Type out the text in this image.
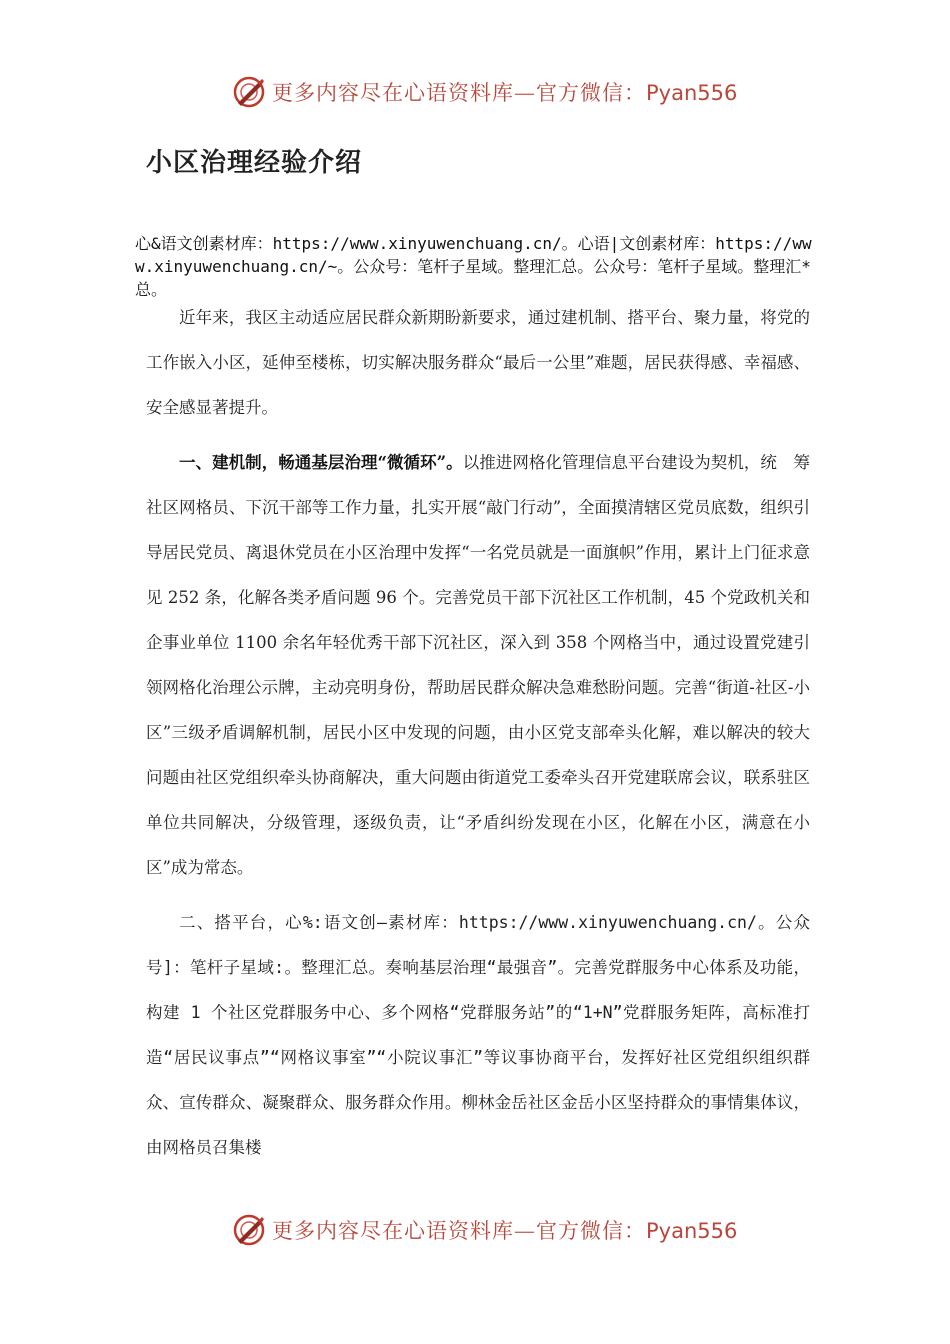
更多内容尽在心语资料库—官方微信：Pyan556
小区治理经验介绍
心&语文创素材库：https://www.xinyuwenchuang.cn/。心语|文创素材库：https://www.xinyuwenchuang.cn/~。公众号：笔杆子星域。整理汇总。公众号：笔杆子星域。整理汇*总。
近年来，我区主动适应居民群众新期盼新要求，通过建机制、搭平台、聚力量，将党的工作嵌入小区，延伸至楼栋，切实解决服务群众“最后一公里”难题，居民获得感、幸福感、安全感显著提升。
一、建机制，畅通基层治理“微循环”。以推进网格化管理信息平台建设为契机，统　筹社区网格员、下沉干部等工作力量，扎实开展“敲门行动”，全面摸清辖区党员底数，组织引导居民党员、离退休党员在小区治理中发挥“一名党员就是一面旗帜”作用，累计上门征求意见 252 条，化解各类矛盾问题 96 个。完善党员干部下沉社区工作机制，45 个党政机关和企事业单位 1100 余名年轻优秀干部下沉社区，深入到 358 个网格当中，通过设置党建引领网格化治理公示牌，主动亮明身份，帮助居民群众解决急难愁盼问题。完善“街道-社区-小区”三级矛盾调解机制，居民小区中发现的问题，由小区党支部牵头化解，难以解决的较大问题由社区党组织牵头协商解决，重大问题由街道党工委牵头召开党建联席会议，联系驻区单位共同解决，分级管理，逐级负责，让“矛盾纠纷发现在小区，化解在小区，满意在小区”成为常态。
二、搭平台，心%:语文创—素材库：https://www.xinyuwenchuang.cn/。公众号]：笔杆子星域:。整理汇总。奏响基层治理“最强音”。完善党群服务中心体系及功能，构建 1 个社区党群服务中心、多个网格“党群服务站”的“1+N”党群服务矩阵，高标准打造“居民议事点”“网格议事室”“小院议事汇”等议事协商平台，发挥好社区党组织组织群众、宣传群众、凝聚群众、服务群众作用。柳林金岳社区金岳小区坚持群众的事情集体议，由网格员召集楼
更多内容尽在心语资料库—官方微信：Pyan556
